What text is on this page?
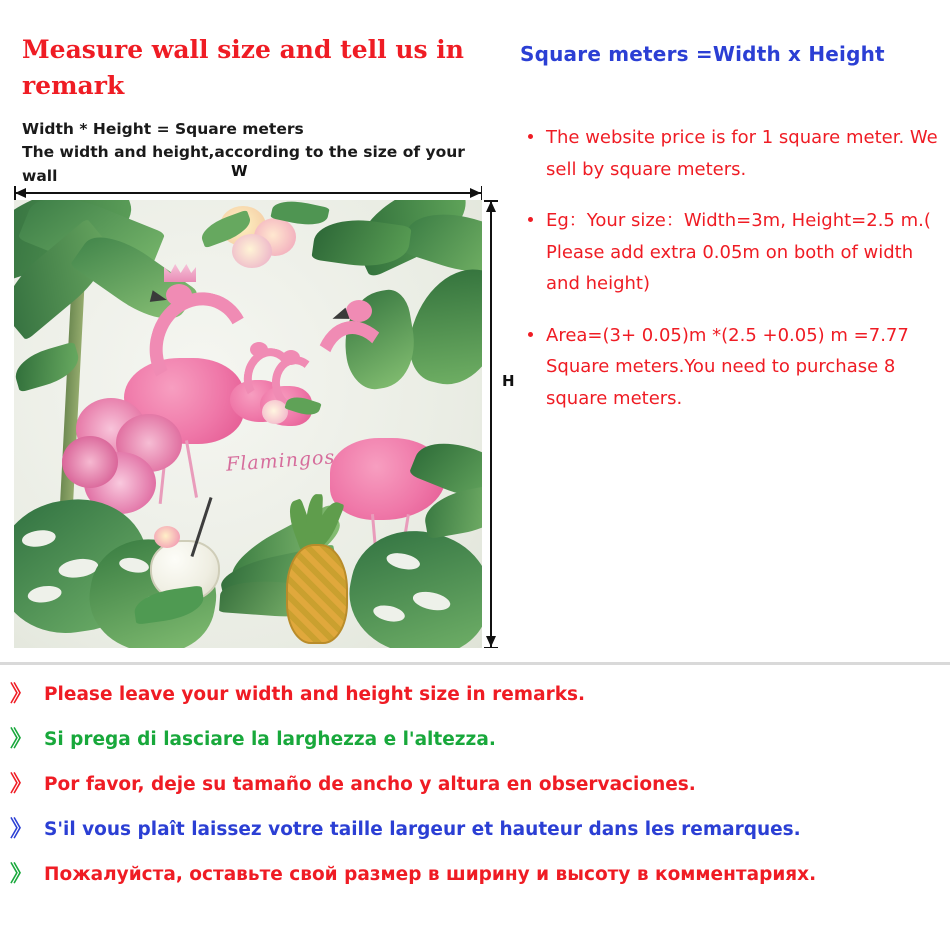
Measure wall size and tell us in remark
Width * Height = Square meters
The width and height,according to the size of your wall	W
H
Flamingos
Square meters =Width x Height
The website price is for 1 square meter. We sell by square meters.
Eg：Your size：Width=3m, Height=2.5 m.( Please add extra 0.05m on both of width and height)
Area=(3+ 0.05)m *(2.5 +0.05) m =7.77 Square meters.You need to purchase 8 square meters.
》 Please leave your width and height size in remarks.
》 Si prega di lasciare la larghezza e l'altezza.
》 Por favor, deje su tamaño de ancho y altura en observaciones.
》 S'il vous plaît laissez votre taille largeur et hauteur dans les remarques.
》 Пожалуйста, оставьте свой размер в ширину и высоту в комментариях.
